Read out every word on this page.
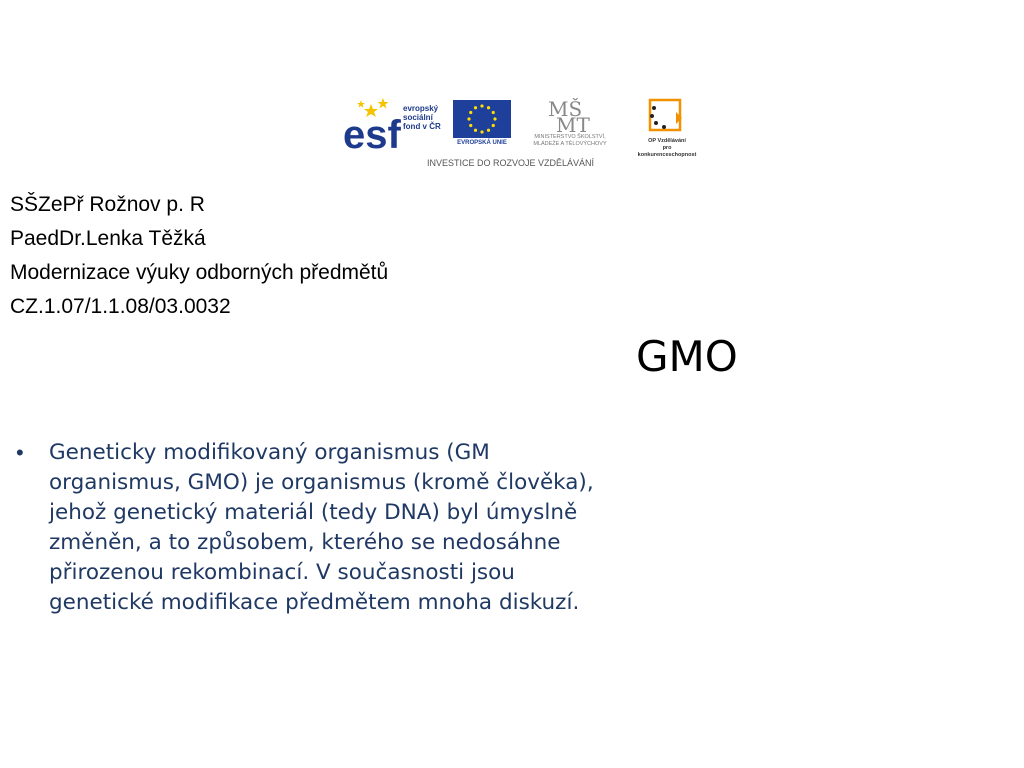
esf
evropský
sociální
fond v ČR
EVROPSKÁ UNIE
MŠ
MT
MINISTERSTVO ŠKOLSTVÍ,
MLÁDEŽE A TĚLOVÝCHOVY	OP Vzdělávání
pro konkurenceschopnost
INVESTICE DO ROZVOJE VZDĚLÁVÁNÍ
SŠZePř Rožnov p. R
PaedDr.Lenka Těžká
Modernizace výuky odborných předmětů
CZ.1.07/1.1.08/03.0032
GMO
• Geneticky modifikovaný organismus (GM
organismus, GMO) je organismus (kromě člověka),
jehož genetický materiál (tedy DNA) byl úmyslně
změněn, a to způsobem, kterého se nedosáhne
přirozenou rekombinací. V současnosti jsou
genetické modifikace předmětem mnoha diskuzí.
